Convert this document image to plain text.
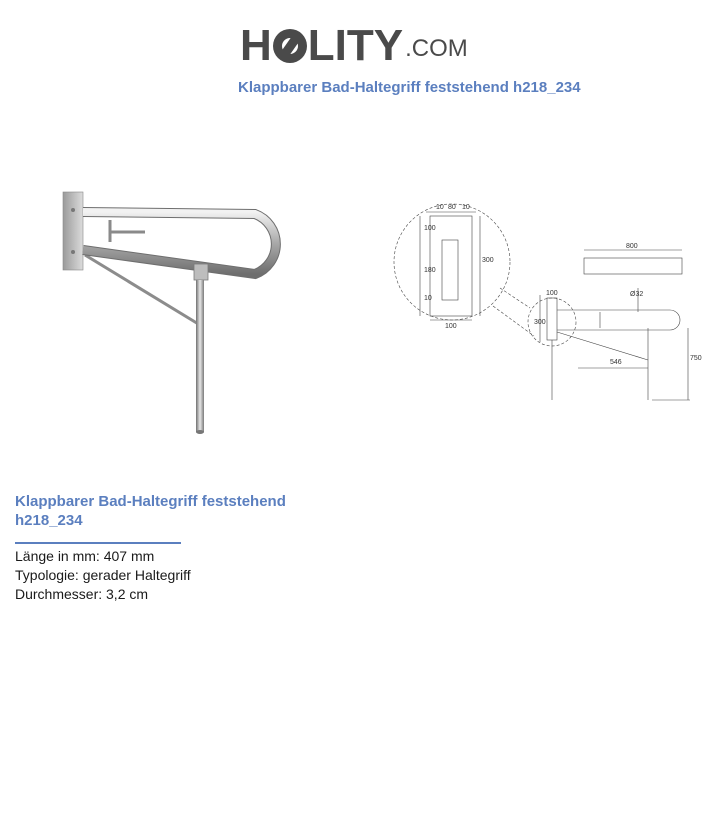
H LITY .COM
Klappbarer Bad-Haltegriff feststehend h218_234
10 80 10
100
180
300
10
100
100
300
800
Ø32
546
750
Klappbarer Bad-Haltegriff feststehend
h218_234
Länge in mm: 407 mm
Typologie: gerader Haltegriff
Durchmesser: 3,2 cm
